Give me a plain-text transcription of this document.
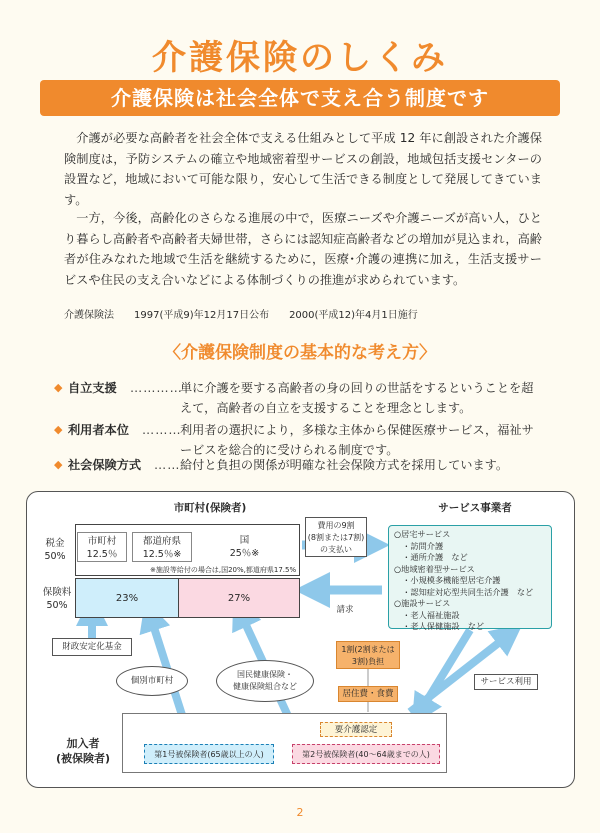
介護保険のしくみ
介護保険は社会全体で支え合う制度です
介護が必要な高齢者を社会全体で支える仕組みとして平成 12 年に創設された介護保険制度は，予防システムの確立や地域密着型サービスの創設，地域包括支援センターの設置など，地域において可能な限り，安心して生活できる制度として発展してきています。
一方，今後，高齢化のさらなる進展の中で，医療ニーズや介護ニーズが高い人，ひとり暮らし高齢者や高齢者夫婦世帯，さらには認知症高齢者などの増加が見込まれ，高齢者が住みなれた地域で生活を継続するために，医療･介護の連携に加え，生活支援サービスや住民の支え合いなどによる体制づくりの推進が求められています。
介護保険法　　1997(平成9)年12月17日公布　　2000(平成12)年4月1日施行
〈介護保険制度の基本的な考え方〉
◆ 自立支援 …………
単に介護を要する高齢者の身の回りの世話をするということを超えて，高齢者の自立を支援することを理念とします。
◆ 利用者本位 ………
利用者の選択により，多様な主体から保健医療サービス，福祉サービスを総合的に受けられる制度です。
◆ 社会保険方式 …… 給付と負担の関係が明確な社会保険方式を採用しています。
市町村(保険者)	サービス事業者
税金
50%
市町村
12.5％
都道府県
12.5％※
国
25％※
※施設等給付の場合は,国20%,都道府県17.5%
保険料
50%
23%	27%
費用の9割
(8割または7割)
の支払い
請求
○居宅サービス
　・訪問介護
　・通所介護　など
○地域密着型サービス
　・小規模多機能型居宅介護
　・認知症対応型共同生活介護　など
○施設サービス
　・老人福祉施設
　・老人保健施設　など
財政安定化基金
個別市町村
国民健康保険・
健康保険組合など
1割(2割または
3割)負担
居住費・食費
サービス利用
加入者
(被保険者)
要介護認定
第1号被保険者(65歳以上の人)	第2号被保険者(40〜64歳までの人)
2
